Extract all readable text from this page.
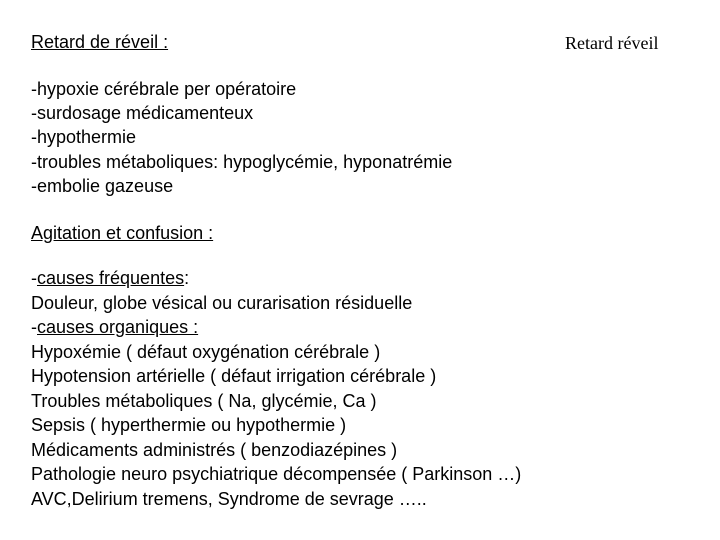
Retard de réveil :	Retard réveil
-hypoxie cérébrale per opératoire
-surdosage médicamenteux
-hypothermie
-troubles métaboliques: hypoglycémie, hyponatrémie
-embolie gazeuse
Agitation et confusion :
-causes fréquentes:
Douleur, globe vésical ou curarisation résiduelle
-causes organiques :
Hypoxémie ( défaut oxygénation cérébrale )
Hypotension artérielle ( défaut irrigation cérébrale )
Troubles métaboliques ( Na, glycémie, Ca )
Sepsis ( hyperthermie ou hypothermie )
Médicaments administrés ( benzodiazépines )
Pathologie neuro psychiatrique décompensée ( Parkinson …)
AVC,Delirium tremens, Syndrome de sevrage …..
